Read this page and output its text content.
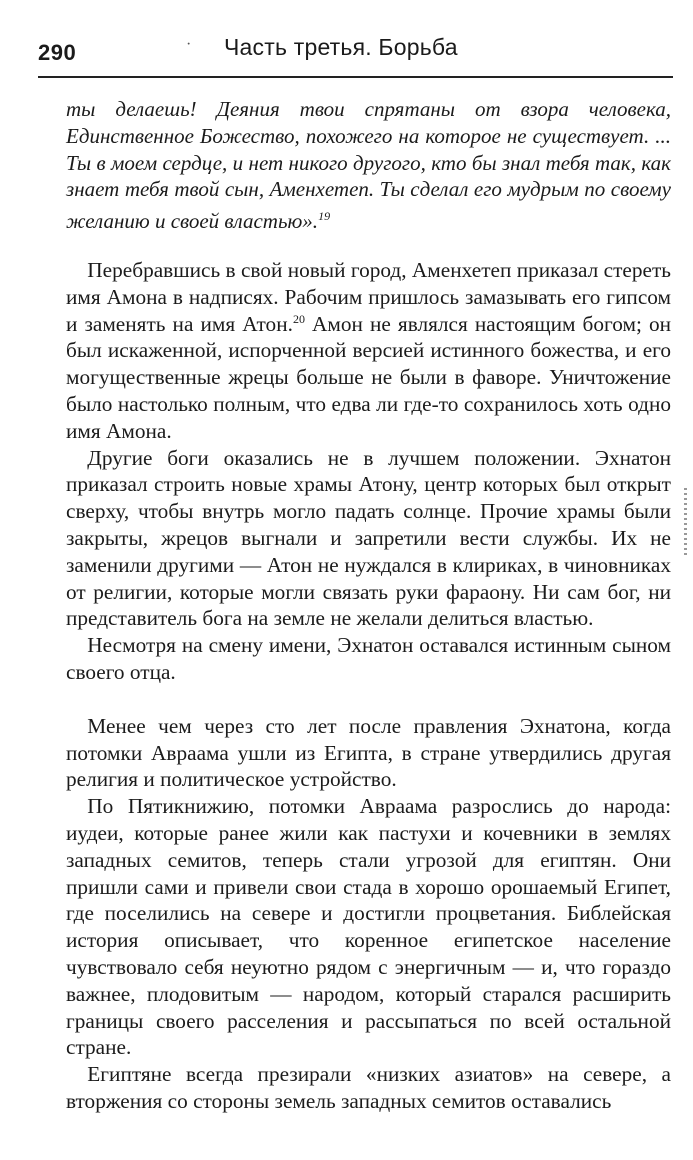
290	· Часть третья. Борьба

ты делаешь! Деяния твои спрятаны от взора человека, Единственное Божество, похожего на которое не существует. ... Ты в моем сердце, и нет никого другого, кто бы знал тебя так, как знает тебя твой сын, Аменхетеп. Ты сделал его мудрым по своему желанию и своей властью».$^{19}$

 Перебравшись в свой новый город, Аменхетеп приказал стереть имя Амона в надписях. Рабочим пришлось замазывать его гипсом и заменять на имя Атон.$^{20}$ Амон не являлся настоящим богом; он был искаженной, испорченной версией истинного божества, и его могущественные жрецы больше не были в фаворе. Уничтожение было настолько полным, что едва ли где-то сохранилось хоть одно имя Амона.

 Другие боги оказались не в лучшем положении. Эхнатон приказал строить новые храмы Атону, центр которых был открыт сверху, чтобы внутрь могло падать солнце. Прочие храмы были закрыты, жрецов выгнали и запретили вести службы. Их не заменили другими — Атон не нуждался в клириках, в чиновниках от религии, которые могли связать руки фараону. Ни сам бог, ни представитель бога на земле не желали делиться властью.

 Несмотря на смену имени, Эхнатон оставался истинным сыном своего отца.

 Менее чем через сто лет после правления Эхнатона, когда потомки Авраама ушли из Египта, в стране утвердились другая религия и политическое устройство.

 По Пятикнижию, потомки Авраама разрослись до народа: иудеи, которые ранее жили как пастухи и кочевники в землях западных семитов, теперь стали угрозой для египтян. Они пришли сами и привели свои стада в хорошо орошаемый Египет, где поселились на севере и достигли процветания. Библейская история описывает, что коренное египетское население чувствовало себя неуютно рядом с энергичным — и, что гораздо важнее, плодовитым — народом, который старался расширить границы своего расселения и рассыпаться по всей остальной стране.

 Египтяне всегда презирали «низких азиатов» на севере, а вторжения со стороны земель западных семитов оставались
